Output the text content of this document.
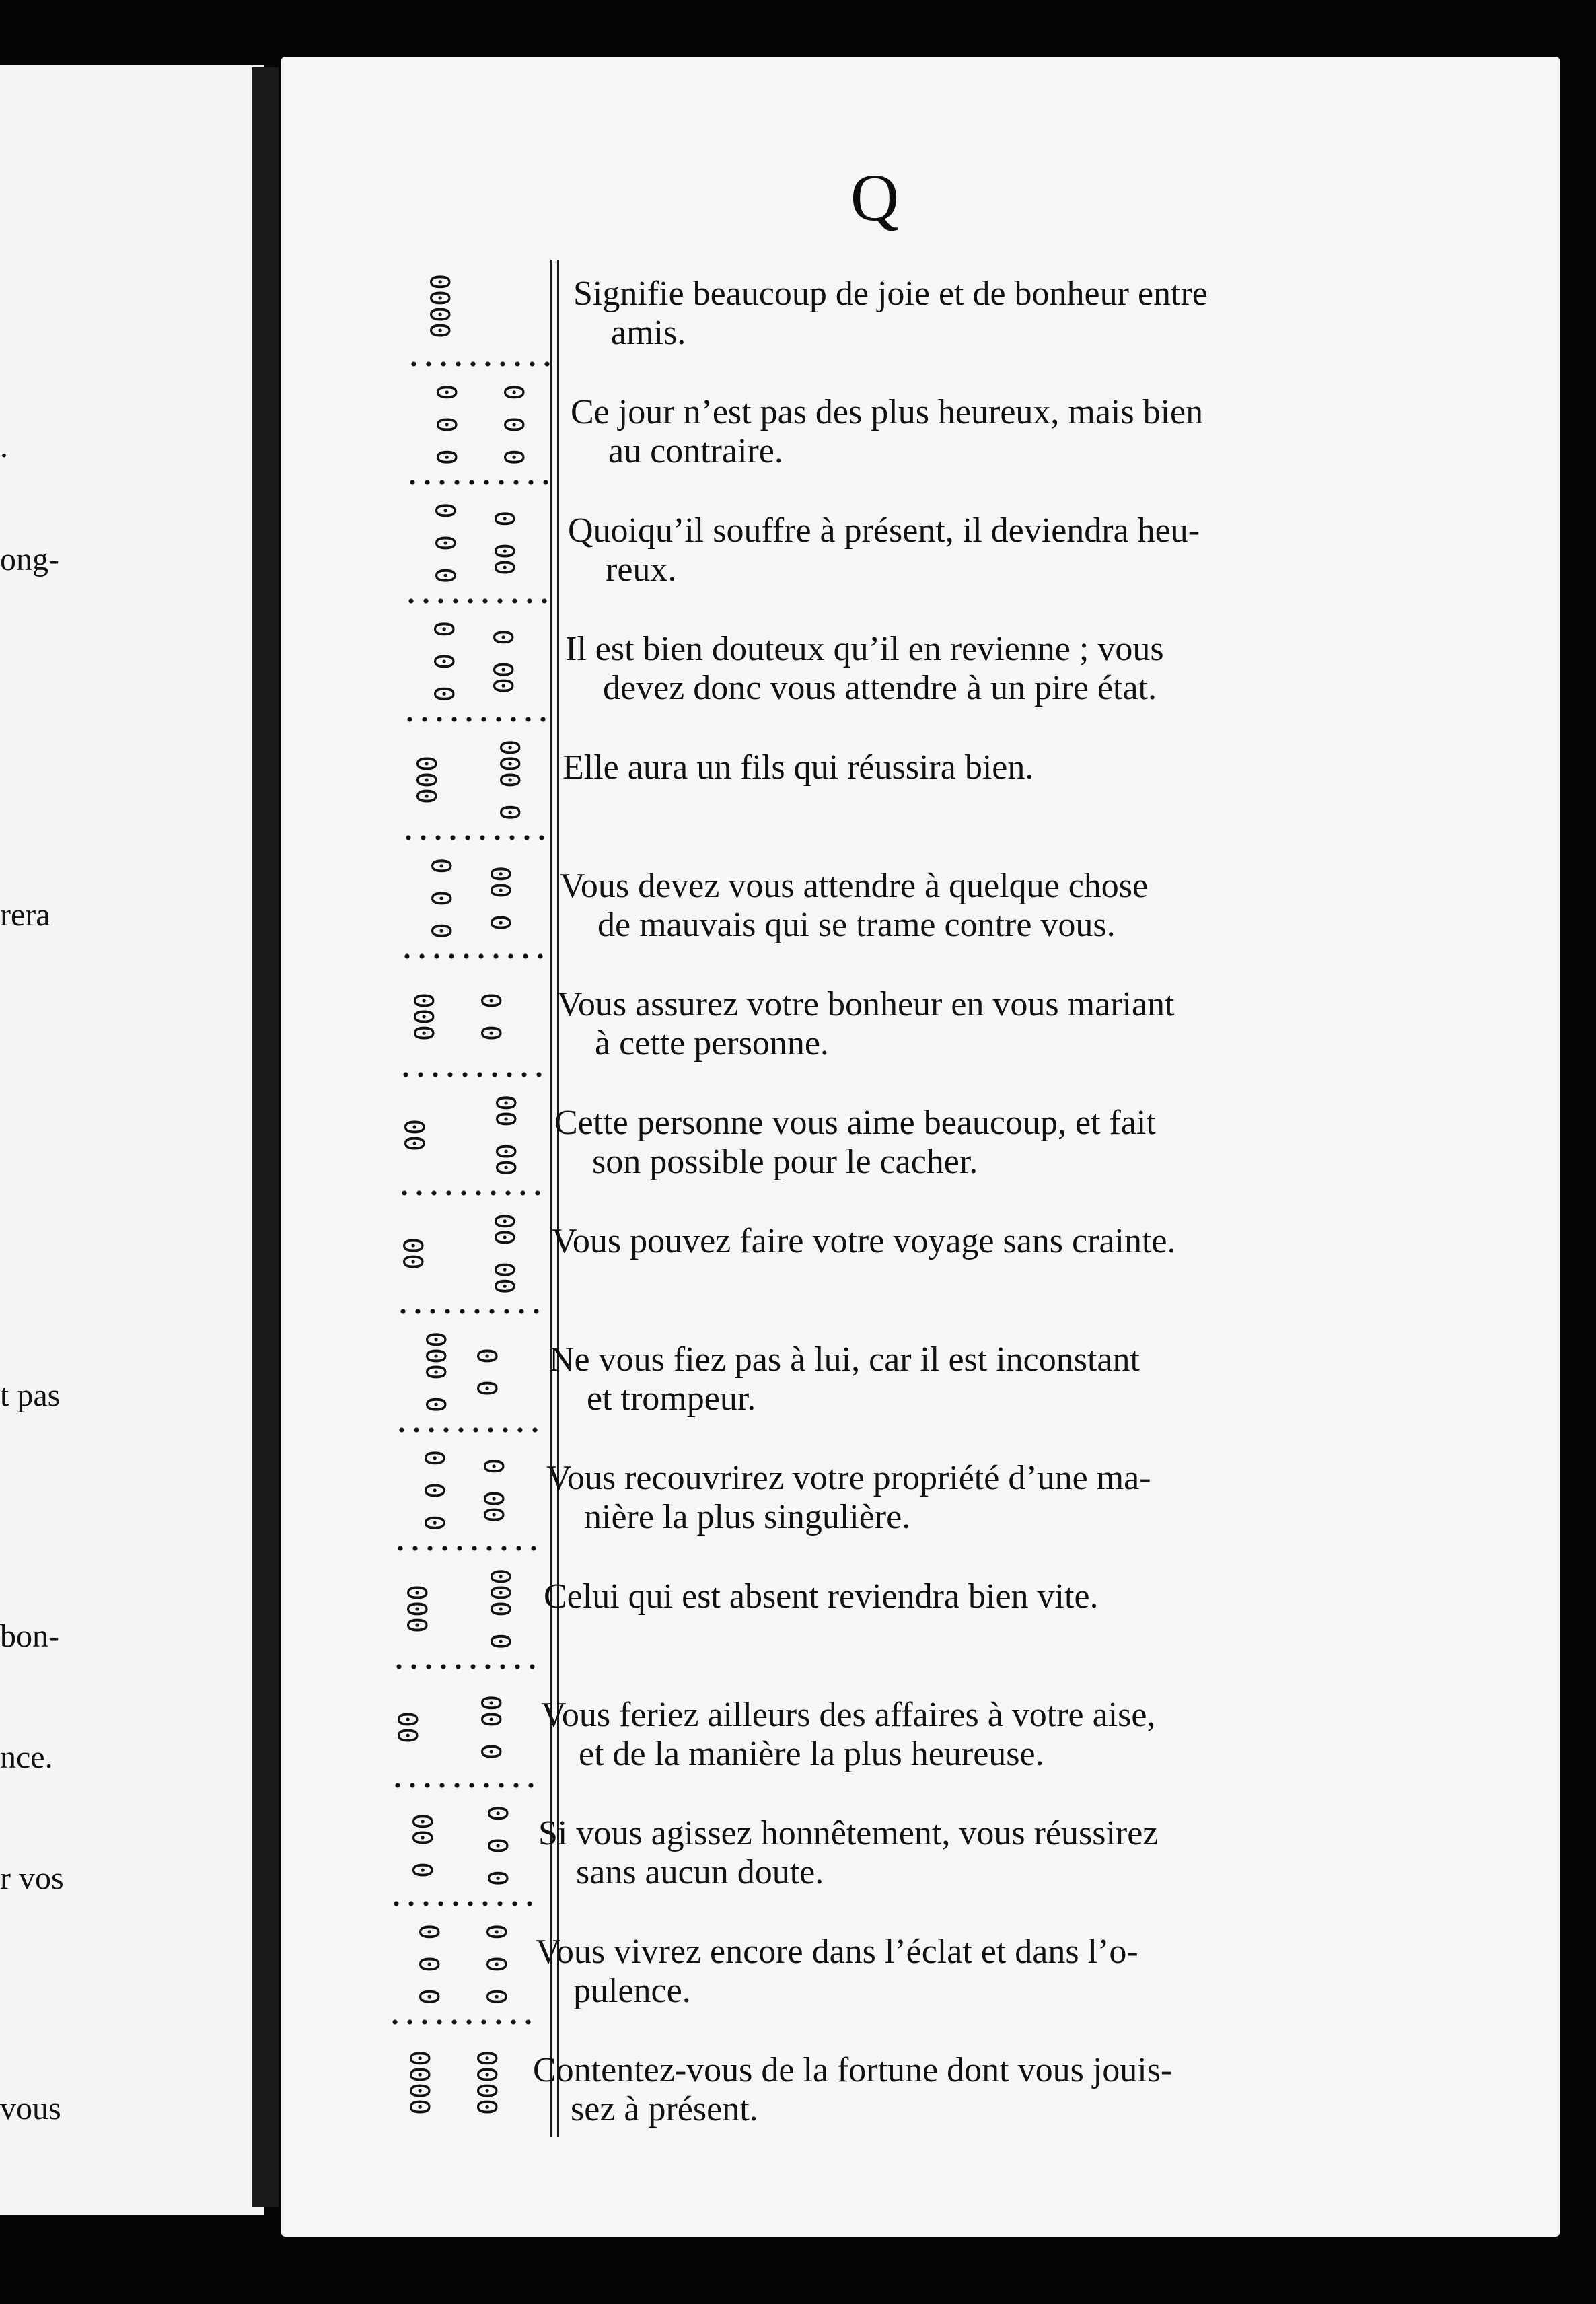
.
ong-
rera
t pas
bon-
nce.
r vos
vous
Q
Signifie beaucoup de joie et de bonheur entre
amis.
0000
Ce jour n’est pas des plus heureux, mais bien
au contraire.
0 0 0 0 0 0
Quoiqu’il souffre à présent, il deviendra heu-
reux.
0 0 0 00 0
Il est bien douteux qu’il en revienne ; vous
devez donc vous attendre à un pire état.
0 0 0 00 0
Elle aura un fils qui réussira bien.
000 0 000
Vous devez vous attendre à quelque chose
de mauvais qui se trame contre vous.
0 0 0 0 00
Vous assurez votre bonheur en vous mariant
à cette personne.
000 0 0
Cette personne vous aime beaucoup, et fait
son possible pour le cacher.
00 00 00
Vous pouvez faire votre voyage sans crainte.
00 00 00
Ne vous fiez pas à lui, car il est inconstant
et trompeur.
0 000 0 0
Vous recouvrirez votre propriété d’une ma-
nière la plus singulière.
0 0 0 00 0
Celui qui est absent reviendra bien vite.
000 0 000
Vous feriez ailleurs des affaires à votre aise,
et de la manière la plus heureuse.
00 0 00
Si vous agissez honnêtement, vous réussirez
sans aucun doute.
0 00 0 0 0
Vous vivrez encore dans l’éclat et dans l’o-
pulence.
0 0 0 0 0 0
Contentez-vous de la fortune dont vous jouis-
sez à présent.
0000 0000
